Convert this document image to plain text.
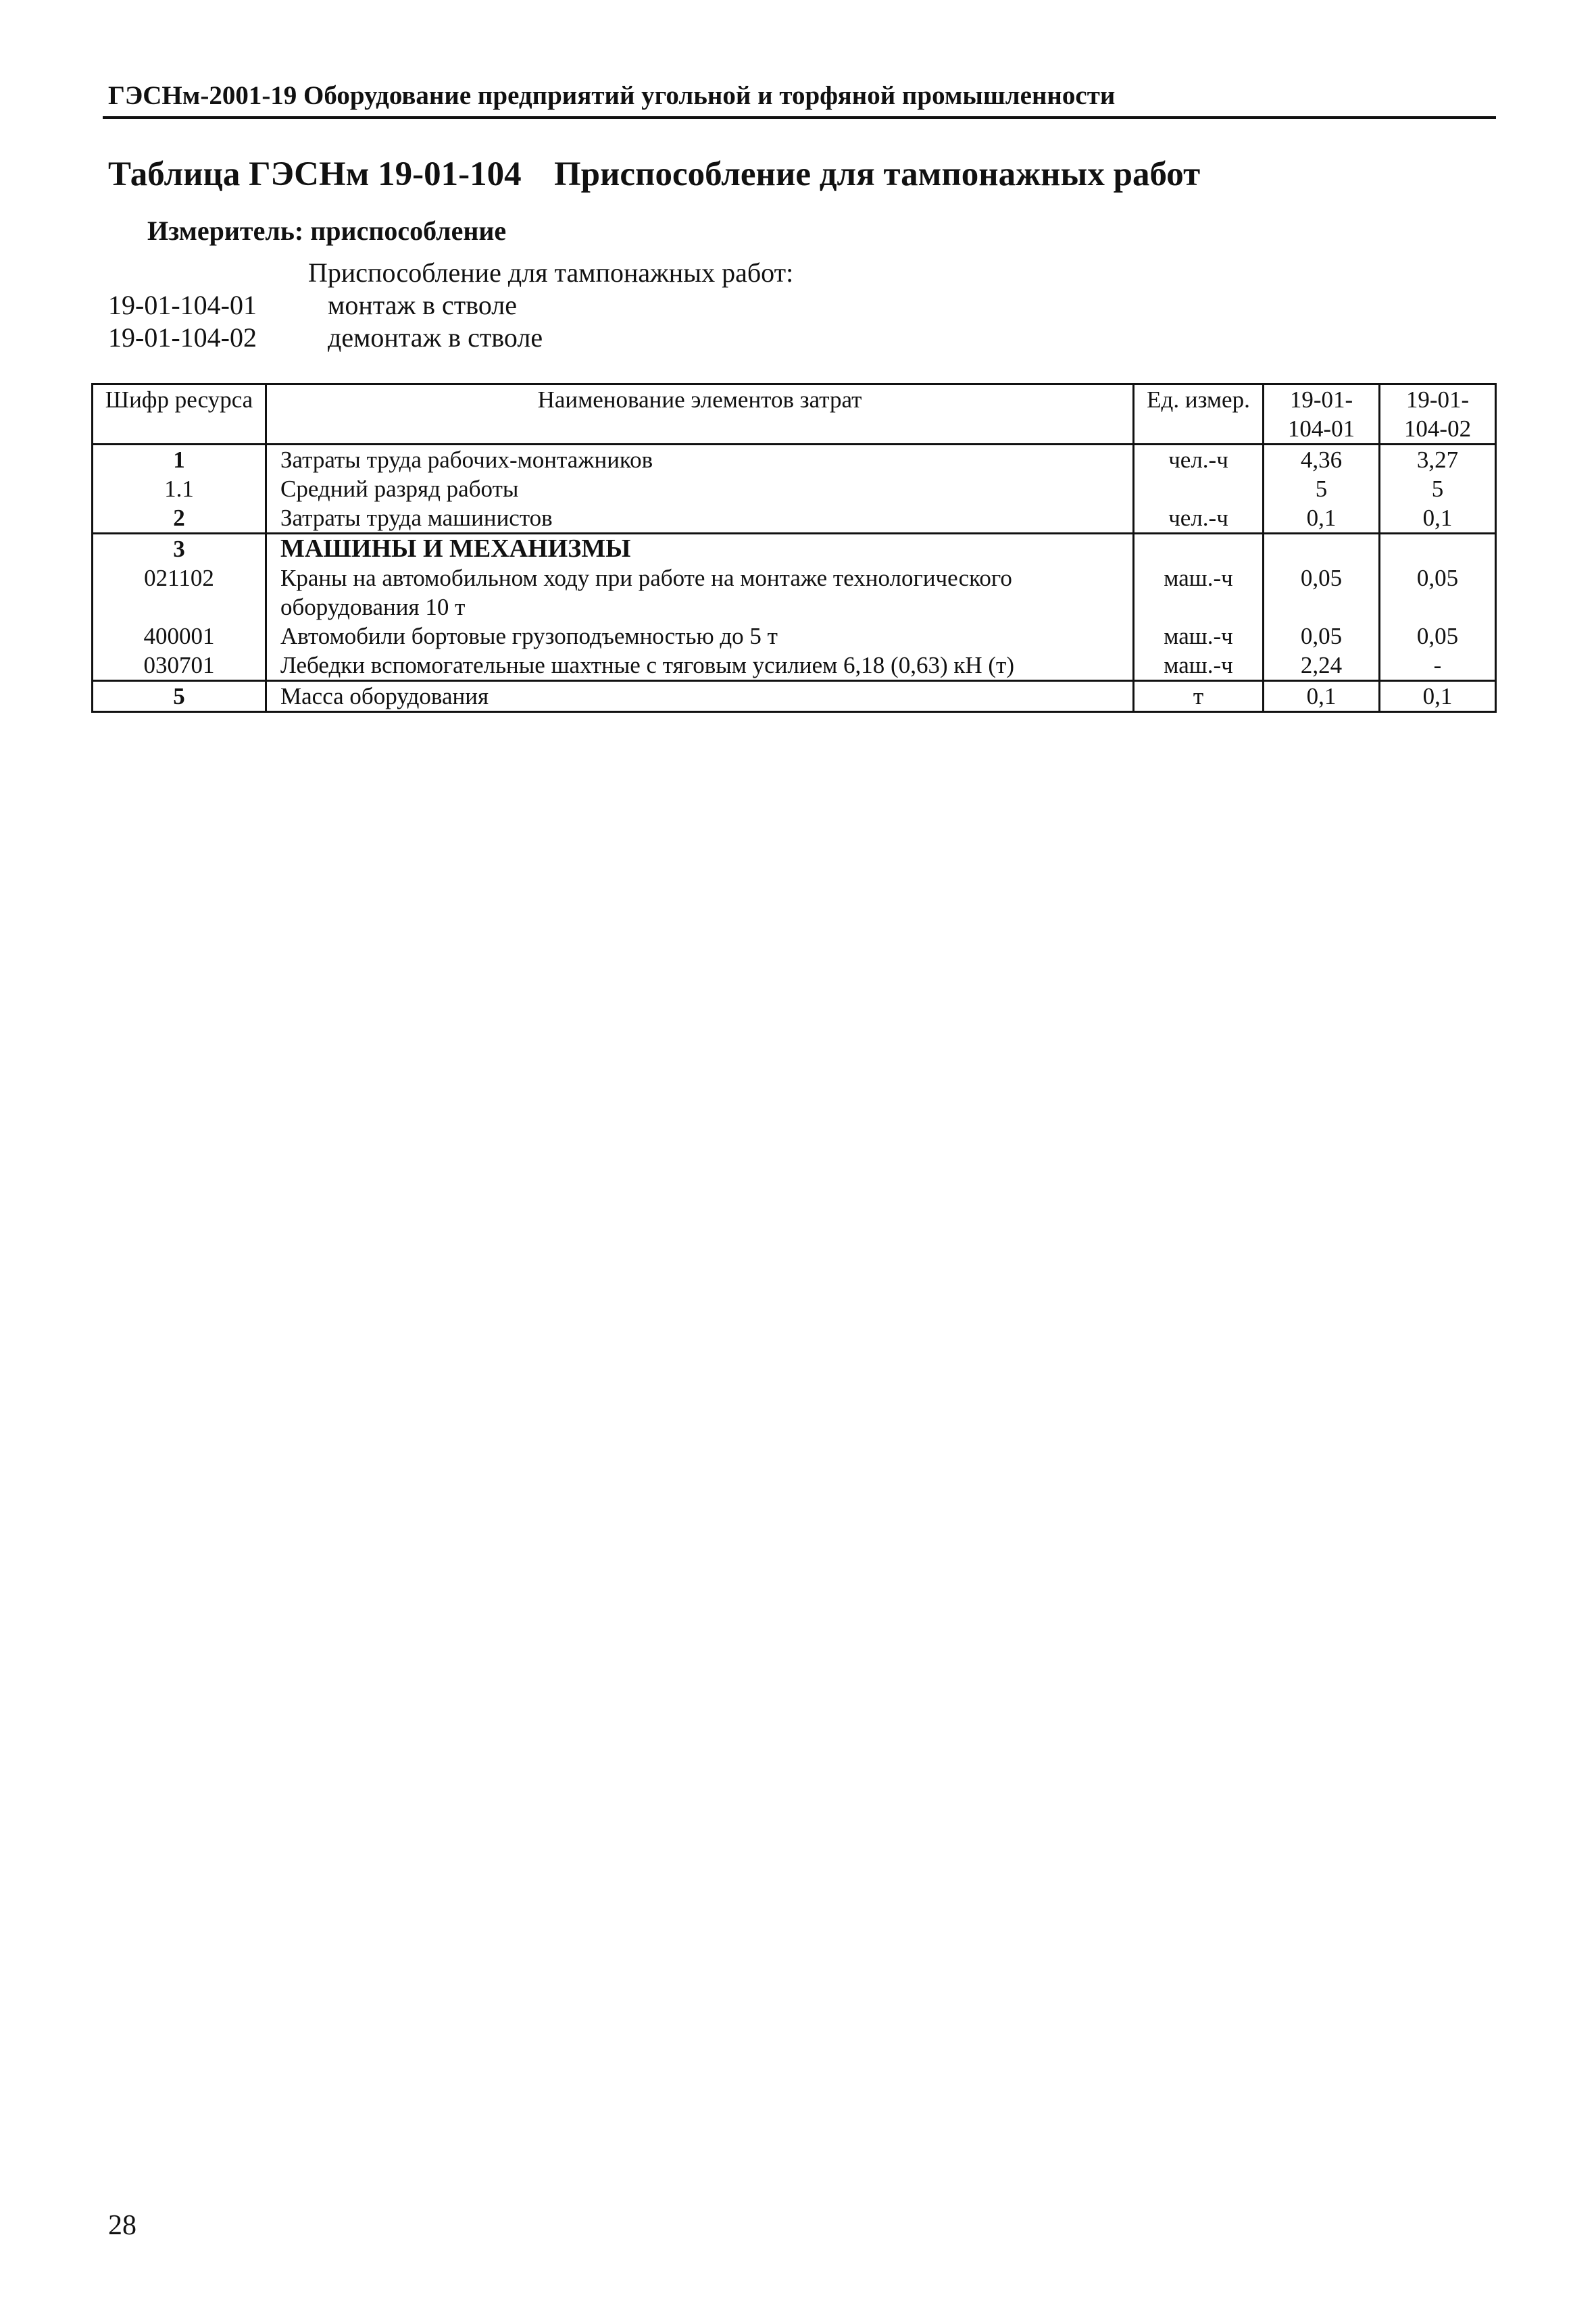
ГЭСНм-2001-19 Оборудование предприятий угольной и торфяной промышленности
Таблица ГЭСНм 19-01-104 Приспособление для тампонажных работ
Измеритель: приспособление
Приспособление для тампонажных работ:
19-01-104-01	монтаж в стволе
19-01-104-02	демонтаж в стволе
Шифр ресурса	Наименование элементов затрат	Ед. измер.	19-01-104-01	19-01-104-02
1	Затраты труда рабочих-монтажников	чел.-ч	4,36	3,27
1.1	Средний разряд работы		5	5
2	Затраты труда машинистов	чел.-ч	0,1	0,1
3	МАШИНЫ И МЕХАНИЗМЫ			
021102	Краны на автомобильном ходу при работе на монтаже технологического оборудования 10 т	маш.-ч	0,05	0,05
400001	Автомобили бортовые грузоподъемностью до 5 т	маш.-ч	0,05	0,05
030701	Лебедки вспомогательные шахтные с тяговым усилием 6,18 (0,63) кН (т)	маш.-ч	2,24	-
5	Масса оборудования	т	0,1	0,1
28
